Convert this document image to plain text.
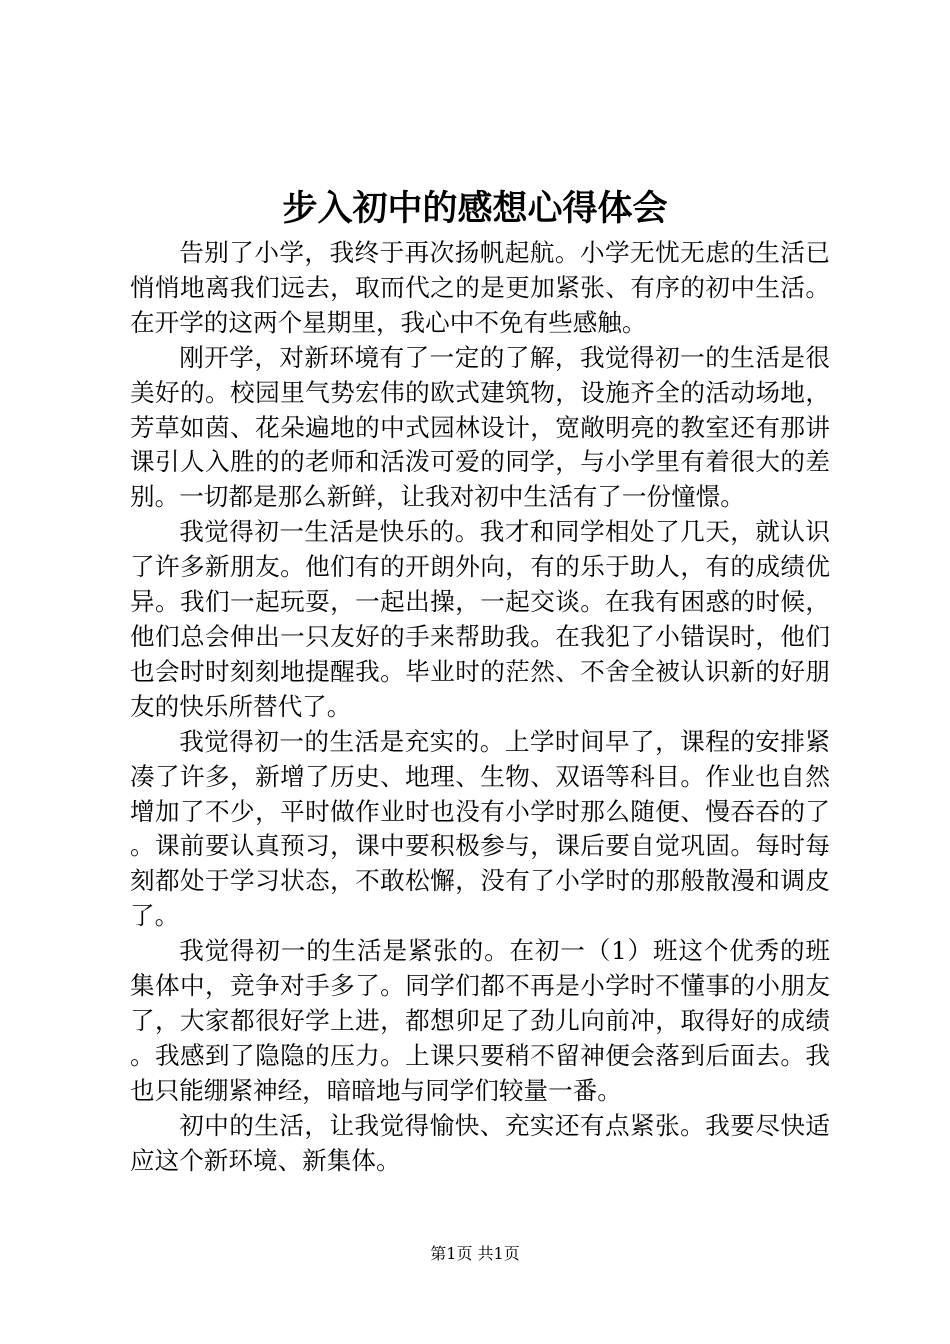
步入初中的感想心得体会

告别了小学，我终于再次扬帆起航。小学无忧无虑的生活已悄悄地离我们远去，取而代之的是更加紧张、有序的初中生活。在开学的这两个星期里，我心中不免有些感触。

刚开学，对新环境有了一定的了解，我觉得初一的生活是很美好的。校园里气势宏伟的欧式建筑物，设施齐全的活动场地，芳草如茵、花朵遍地的中式园林设计，宽敞明亮的教室还有那讲课引人入胜的的老师和活泼可爱的同学，与小学里有着很大的差别。一切都是那么新鲜，让我对初中生活有了一份憧憬。

我觉得初一生活是快乐的。我才和同学相处了几天，就认识了许多新朋友。他们有的开朗外向，有的乐于助人，有的成绩优异。我们一起玩耍，一起出操，一起交谈。在我有困惑的时候，他们总会伸出一只友好的手来帮助我。在我犯了小错误时，他们也会时时刻刻地提醒我。毕业时的茫然、不舍全被认识新的好朋友的快乐所替代了。

我觉得初一的生活是充实的。上学时间早了，课程的安排紧凑了许多，新增了历史、地理、生物、双语等科目。作业也自然增加了不少，平时做作业时也没有小学时那么随便、慢吞吞的了。课前要认真预习，课中要积极参与，课后要自觉巩固。每时每刻都处于学习状态，不敢松懈，没有了小学时的那般散漫和调皮了。

我觉得初一的生活是紧张的。在初一（1）班这个优秀的班集体中，竞争对手多了。同学们都不再是小学时不懂事的小朋友了，大家都很好学上进，都想卯足了劲儿向前冲，取得好的成绩。我感到了隐隐的压力。上课只要稍不留神便会落到后面去。我也只能绷紧神经，暗暗地与同学们较量一番。

初中的生活，让我觉得愉快、充实还有点紧张。我要尽快适应这个新环境、新集体。

第1页 共1页
